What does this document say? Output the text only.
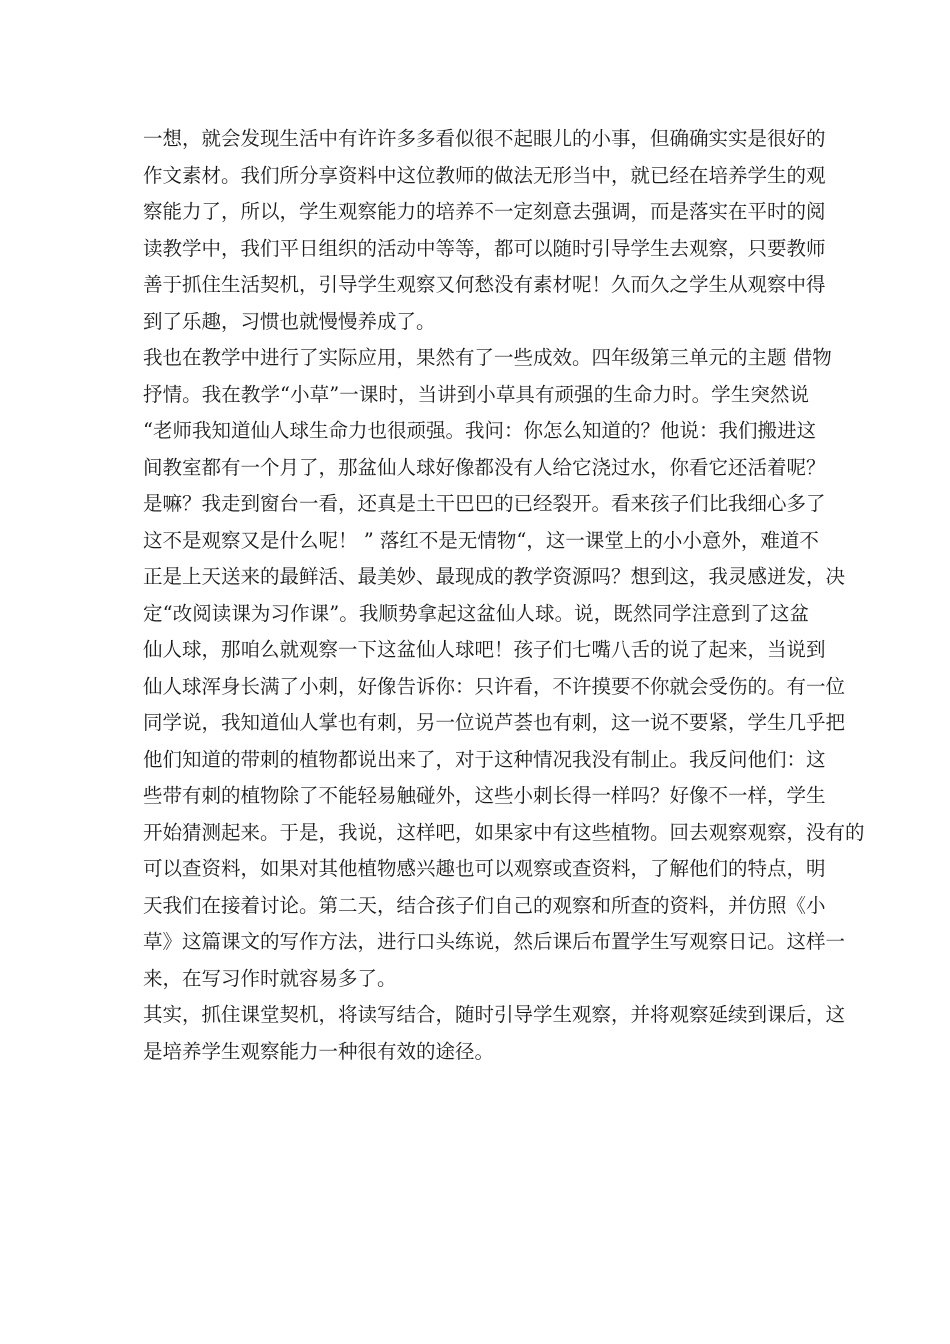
一想，就会发现生活中有许许多多看似很不起眼儿的小事，但确确实实是很好的
作文素材。我们所分享资料中这位教师的做法无形当中，就已经在培养学生的观
察能力了，所以，学生观察能力的培养不一定刻意去强调，而是落实在平时的阅
读教学中，我们平日组织的活动中等等，都可以随时引导学生去观察，只要教师
善于抓住生活契机，引导学生观察又何愁没有素材呢！久而久之学生从观察中得
到了乐趣，习惯也就慢慢养成了。
我也在教学中进行了实际应用，果然有了一些成效。四年级第三单元的主题 借物
抒情。我在教学“小草”一课时，当讲到小草具有顽强的生命力时。学生突然说
“老师我知道仙人球生命力也很顽强。我问：你怎么知道的？他说：我们搬进这
间教室都有一个月了，那盆仙人球好像都没有人给它浇过水，你看它还活着呢？
是嘛？我走到窗台一看，还真是土干巴巴的已经裂开。看来孩子们比我细心多了
这不是观察又是什么呢！ ” 落红不是无情物“，这一课堂上的小小意外，难道不
正是上天送来的最鲜活、最美妙、最现成的教学资源吗？想到这，我灵感迸发，决
定“改阅读课为习作课”。我顺势拿起这盆仙人球。说，既然同学注意到了这盆
仙人球，那咱么就观察一下这盆仙人球吧！孩子们七嘴八舌的说了起来，当说到
仙人球浑身长满了小刺，好像告诉你：只许看，不许摸要不你就会受伤的。有一位
同学说，我知道仙人掌也有刺，另一位说芦荟也有刺，这一说不要紧，学生几乎把
他们知道的带刺的植物都说出来了，对于这种情况我没有制止。我反问他们：这
些带有刺的植物除了不能轻易触碰外，这些小刺长得一样吗？好像不一样，学生
开始猜测起来。于是，我说，这样吧，如果家中有这些植物。回去观察观察，没有的
可以查资料，如果对其他植物感兴趣也可以观察或查资料，了解他们的特点，明
天我们在接着讨论。第二天，结合孩子们自己的观察和所查的资料，并仿照《小
草》这篇课文的写作方法，进行口头练说，然后课后布置学生写观察日记。这样一
来，在写习作时就容易多了。
其实，抓住课堂契机，将读写结合，随时引导学生观察，并将观察延续到课后，这
是培养学生观察能力一种很有效的途径。
